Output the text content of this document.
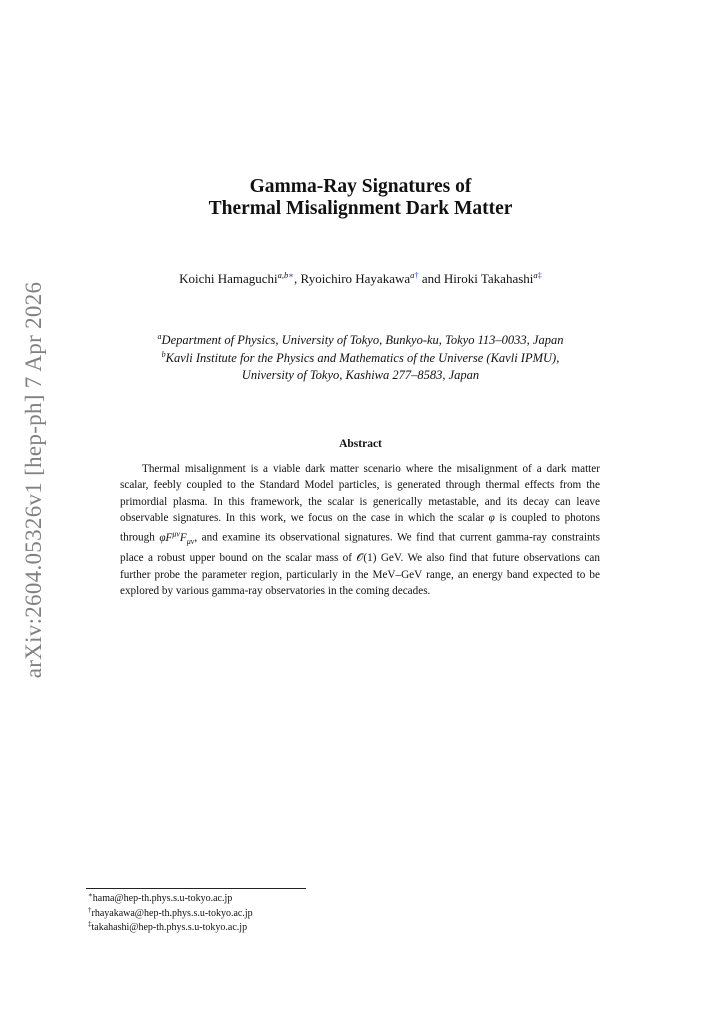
arXiv:2604.05326v1 [hep-ph] 7 Apr 2026
Gamma-Ray Signatures of
Thermal Misalignment Dark Matter
Koichi Hamaguchi$^{a,b∗}$, Ryoichiro Hayakawa$^{a\dagger}$ and Hiroki Takahashi$^{a\ddagger}$
$^a$Department of Physics, University of Tokyo, Bunkyo-ku, Tokyo 113–0033, Japan
$^b$Kavli Institute for the Physics and Mathematics of the Universe (Kavli IPMU),
University of Tokyo, Kashiwa 277–8583, Japan
Abstract
Thermal misalignment is a viable dark matter scenario where the misalignment of a dark matter scalar, feebly coupled to the Standard Model particles, is generated through thermal effects from the primordial plasma. In this framework, the scalar is generically metastable, and its decay can leave observable signatures. In this work, we focus on the case in which the scalar φ is coupled to photons through $\varphi F^{\mu\nu}F_{\mu\nu}$, and examine its observational signatures. We find that current gamma-ray constraints place a robust upper bound on the scalar mass of 𝒪(1) GeV. We also find that future observations can further probe the parameter region, particularly in the MeV–GeV range, an energy band expected to be explored by various gamma-ray observatories in the coming decades.
∗hama@hep-th.phys.s.u-tokyo.ac.jp
†rhayakawa@hep-th.phys.s.u-tokyo.ac.jp
‡takahashi@hep-th.phys.s.u-tokyo.ac.jp
